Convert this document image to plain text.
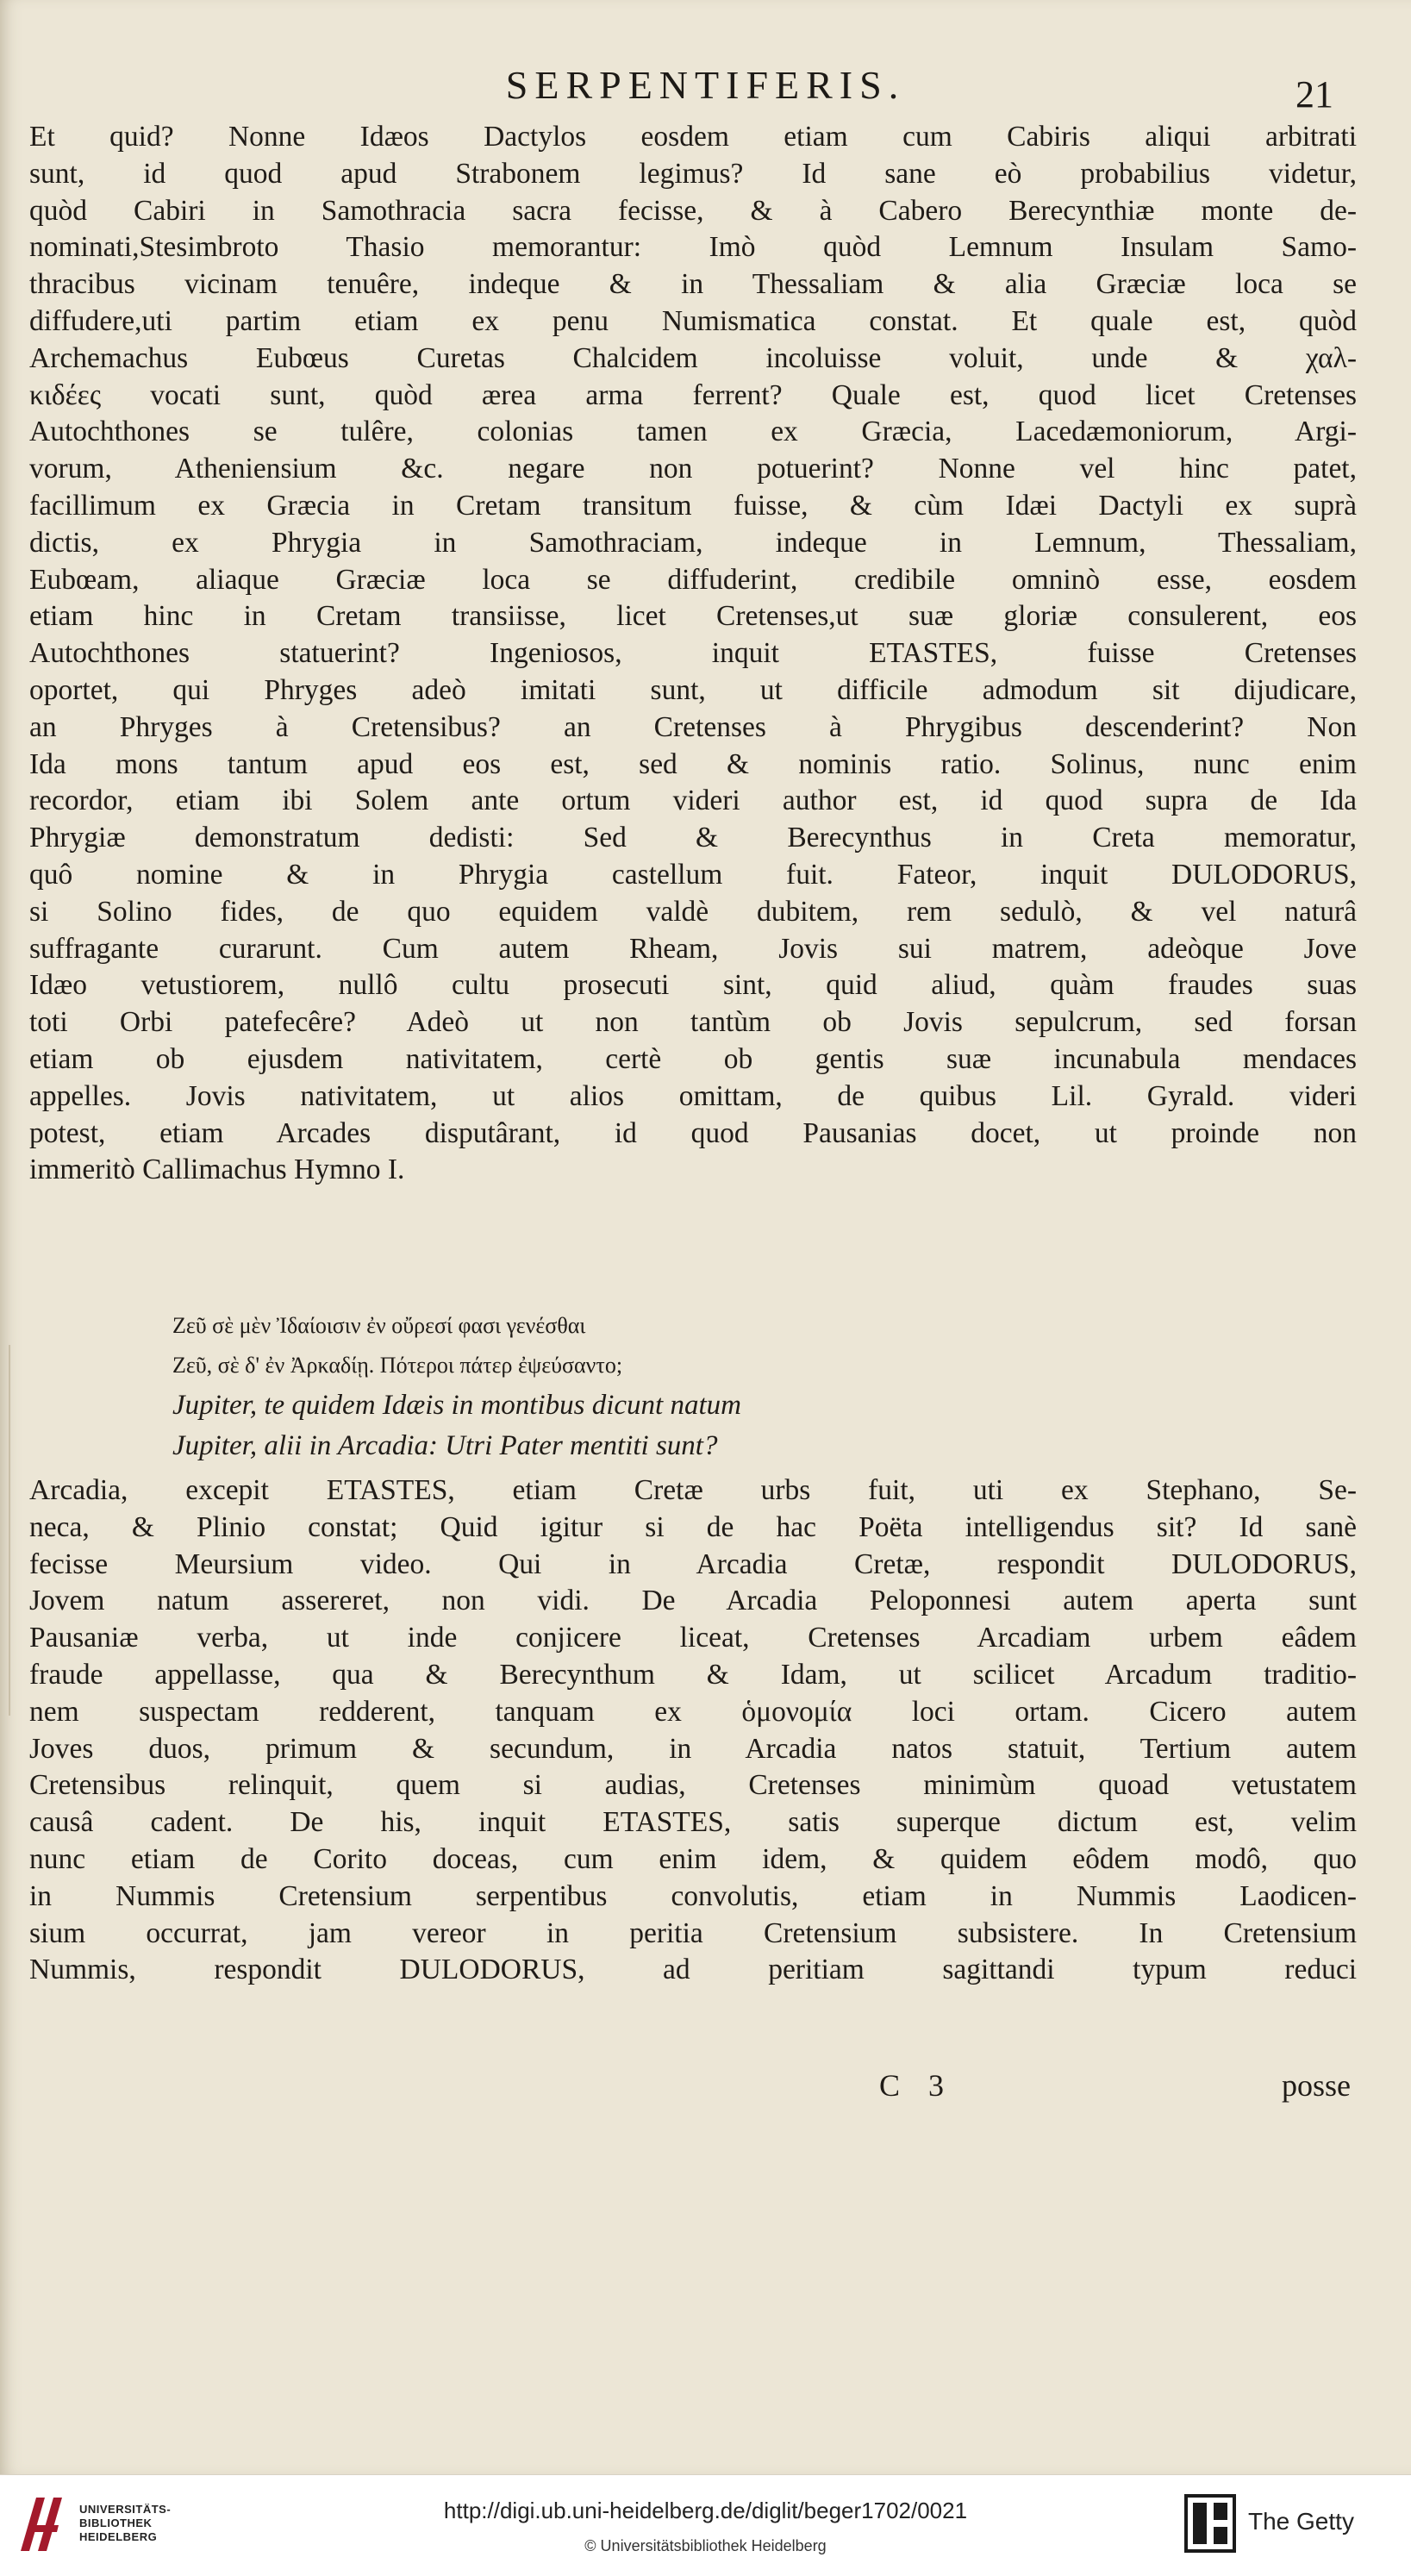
SERPENTIFERIS.	21
Et quid? Nonne Idæos Dactylos eosdem etiam cum Cabiris aliqui arbitrati
sunt, id quod apud Strabonem legimus? Id sane eò probabilius videtur,
quòd Cabiri in Samothracia sacra fecisse, & à Cabero Berecynthiæ monte de-
nominati,Stesimbroto Thasio memorantur: Imò quòd Lemnum Insulam Samo-
thracibus vicinam tenuêre, indeque & in Thessaliam & alia Græciæ loca se
diffudere,uti partim etiam ex penu Numismatica constat. Et quale est, quòd
Archemachus Eubœus Curetas Chalcidem incoluisse voluit, unde & χαλ-
κιδέες vocati sunt, quòd ærea arma ferrent? Quale est, quod licet Cretenses
Autochthones se tulêre, colonias tamen ex Græcia, Lacedæmoniorum, Argi-
vorum, Atheniensium &c. negare non potuerint? Nonne vel hinc patet,
facillimum ex Græcia in Cretam transitum fuisse, & cùm Idæi Dactyli ex suprà
dictis, ex Phrygia in Samothraciam, indeque in Lemnum, Thessaliam,
Eubœam, aliaque Græciæ loca se diffuderint, credibile omninò esse, eosdem
etiam hinc in Cretam transiisse, licet Cretenses,ut suæ gloriæ consulerent, eos
Autochthones statuerint? Ingeniosos, inquit ETASTES, fuisse Cretenses
oportet, qui Phryges adeò imitati sunt, ut difficile admodum sit dijudicare,
an Phryges à Cretensibus? an Cretenses à Phrygibus descenderint? Non
Ida mons tantum apud eos est, sed & nominis ratio. Solinus, nunc enim
recordor, etiam ibi Solem ante ortum videri author est, id quod supra de Ida
Phrygiæ demonstratum dedisti: Sed & Berecynthus in Creta memoratur,
quô nomine & in Phrygia castellum fuit. Fateor, inquit DULODORUS,
si Solino fides, de quo equidem valdè dubitem, rem sedulò, & vel naturâ
suffragante curarunt. Cum autem Rheam, Jovis sui matrem, adeòque Jove
Idæo vetustiorem, nullô cultu prosecuti sint, quid aliud, quàm fraudes suas
toti Orbi patefecêre? Adeò ut non tantùm ob Jovis sepulcrum, sed forsan
etiam ob ejusdem nativitatem, certè ob gentis suæ incunabula mendaces
appelles. Jovis nativitatem, ut alios omittam, de quibus Lil. Gyrald. videri
potest, etiam Arcades disputârant, id quod Pausanias docet, ut proinde non
immeritò Callimachus Hymno I.
Ζεῦ σὲ μὲν Ἰδαίοισιν ἐν οὔρεσί φασι γενέσθαι
Ζεῦ, σὲ δ' ἐν Ἀρκαδίῃ. Πότεροι πάτερ ἐψεύσαντο;
Jupiter, te quidem Idæis in montibus dicunt natum
Jupiter, alii in Arcadia: Utri Pater mentiti sunt?
Arcadia, excepit ETASTES, etiam Cretæ urbs fuit, uti ex Stephano, Se-
neca, & Plinio constat; Quid igitur si de hac Poëta intelligendus sit? Id sanè
fecisse Meursium video. Qui in Arcadia Cretæ, respondit DULODORUS,
Jovem natum assereret, non vidi. De Arcadia Peloponnesi autem aperta sunt
Pausaniæ verba, ut inde conjicere liceat, Cretenses Arcadiam urbem eâdem
fraude appellasse, qua & Berecynthum & Idam, ut scilicet Arcadum traditio-
nem suspectam redderent, tanquam ex ὁμονομία loci ortam. Cicero autem
Joves duos, primum & secundum, in Arcadia natos statuit, Tertium autem
Cretensibus relinquit, quem si audias, Cretenses minimùm quoad vetustatem
causâ cadent. De his, inquit ETASTES, satis superque dictum est, velim
nunc etiam de Corito doceas, cum enim idem, & quidem eôdem modô, quo
in Nummis Cretensium serpentibus convolutis, etiam in Nummis Laodicen-
sium occurrat, jam vereor in peritia Cretensium subsistere. In Cretensium
Nummis, respondit DULODORUS, ad peritiam sagittandi typum reduci
C 3	posse
UNIVERSITÄTS-
BIBLIOTHEK
HEIDELBERG
http://digi.ub.uni-heidelberg.de/diglit/beger1702/0021
© Universitätsbibliothek Heidelberg
The Getty
